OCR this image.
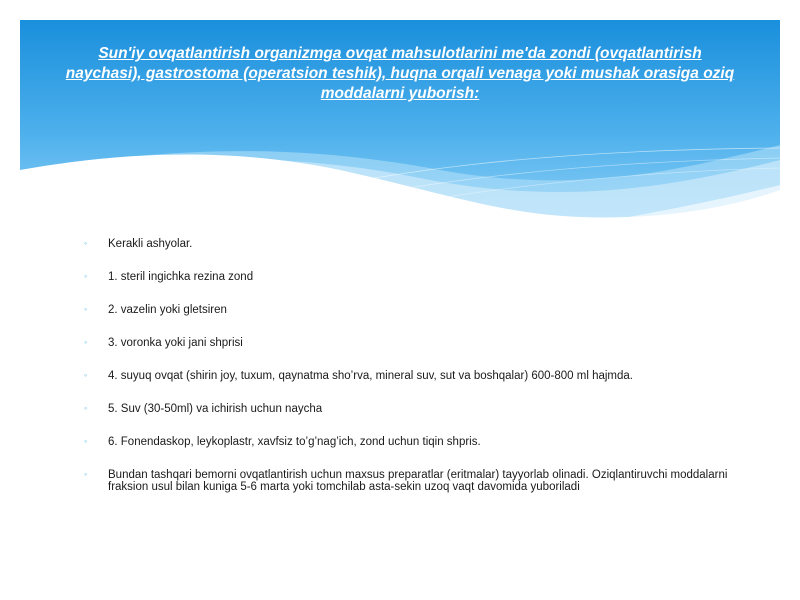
Sun'iy ovqatlantirish organizmga ovqat mahsulotlarini me'da zondi (ovqatlantirish naychasi), gastrostoma (operatsion teshik), huqna orqali venaga yoki mushak orasiga oziq moddalarni yuborish:

◦ Kerakli ashyolar.
◦ 1. steril ingichka rezina zond
◦ 2. vazelin yoki gletsiren
◦ 3. voronka yoki jani shprisi
◦ 4. suyuq ovqat (shirin joy, tuxum, qaynatma sho’rva, mineral suv, sut va boshqalar) 600-800 ml hajmda.
◦ 5. Suv (30-50ml) va ichirish uchun naycha
◦ 6. Fonendaskop, leykoplastr, xavfsiz to’g’nag’ich, zond uchun tiqin shpris.
◦ Bundan tashqari bemorni ovqatlantirish uchun maxsus preparatlar (eritmalar) tayyorlab olinadi. Oziqlantiruvchi moddalarni fraksion usul bilan kuniga 5-6 marta yoki tomchilab asta-sekin uzoq vaqt davomida yuboriladi
